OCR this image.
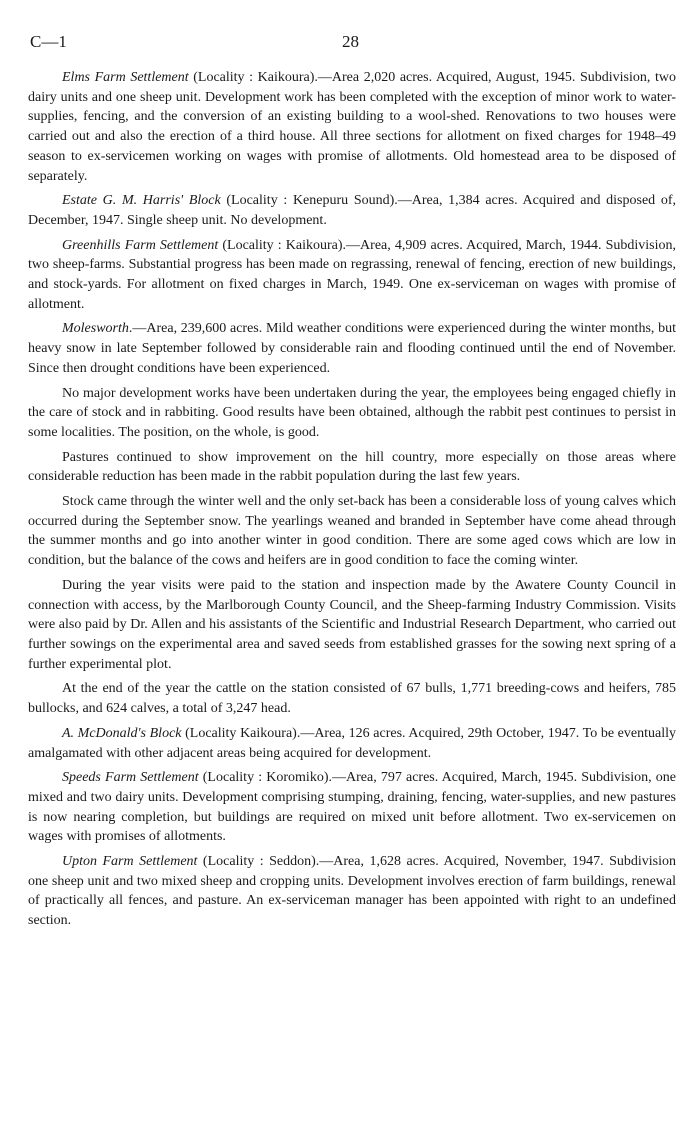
C—1	28

Elms Farm Settlement (Locality : Kaikoura).—Area 2,020 acres. Acquired, August, 1945. Subdivision, two dairy units and one sheep unit. Development work has been completed with the exception of minor work to water-supplies, fencing, and the conversion of an existing building to a wool-shed. Renovations to two houses were carried out and also the erection of a third house. All three sections for allotment on fixed charges for 1948–49 season to ex-servicemen working on wages with promise of allotments. Old homestead area to be disposed of separately.

Estate G. M. Harris' Block (Locality : Kenepuru Sound).—Area, 1,384 acres. Acquired and disposed of, December, 1947. Single sheep unit. No development.

Greenhills Farm Settlement (Locality : Kaikoura).—Area, 4,909 acres. Acquired, March, 1944. Subdivision, two sheep-farms. Substantial progress has been made on regrassing, renewal of fencing, erection of new buildings, and stock-yards. For allotment on fixed charges in March, 1949. One ex-serviceman on wages with promise of allotment.

Molesworth.—Area, 239,600 acres. Mild weather conditions were experienced during the winter months, but heavy snow in late September followed by considerable rain and flooding continued until the end of November. Since then drought conditions have been experienced.

No major development works have been undertaken during the year, the employees being engaged chiefly in the care of stock and in rabbiting. Good results have been obtained, although the rabbit pest continues to persist in some localities. The position, on the whole, is good.

Pastures continued to show improvement on the hill country, more especially on those areas where considerable reduction has been made in the rabbit population during the last few years.

Stock came through the winter well and the only set-back has been a considerable loss of young calves which occurred during the September snow. The yearlings weaned and branded in September have come ahead through the summer months and go into another winter in good condition. There are some aged cows which are low in condition, but the balance of the cows and heifers are in good condition to face the coming winter.

During the year visits were paid to the station and inspection made by the Awatere County Council in connection with access, by the Marlborough County Council, and the Sheep-farming Industry Commission. Visits were also paid by Dr. Allen and his assistants of the Scientific and Industrial Research Department, who carried out further sowings on the experimental area and saved seeds from established grasses for the sowing next spring of a further experimental plot.

At the end of the year the cattle on the station consisted of 67 bulls, 1,771 breeding-cows and heifers, 785 bullocks, and 624 calves, a total of 3,247 head.

A. McDonald's Block (Locality Kaikoura).—Area, 126 acres. Acquired, 29th October, 1947. To be eventually amalgamated with other adjacent areas being acquired for development.

Speeds Farm Settlement (Locality : Koromiko).—Area, 797 acres. Acquired, March, 1945. Subdivision, one mixed and two dairy units. Development comprising stumping, draining, fencing, water-supplies, and new pastures is now nearing completion, but buildings are required on mixed unit before allotment. Two ex-servicemen on wages with promises of allotments.

Upton Farm Settlement (Locality : Seddon).—Area, 1,628 acres. Acquired, November, 1947. Subdivision one sheep unit and two mixed sheep and cropping units. Development involves erection of farm buildings, renewal of practically all fences, and pasture. An ex-serviceman manager has been appointed with right to an undefined section.
